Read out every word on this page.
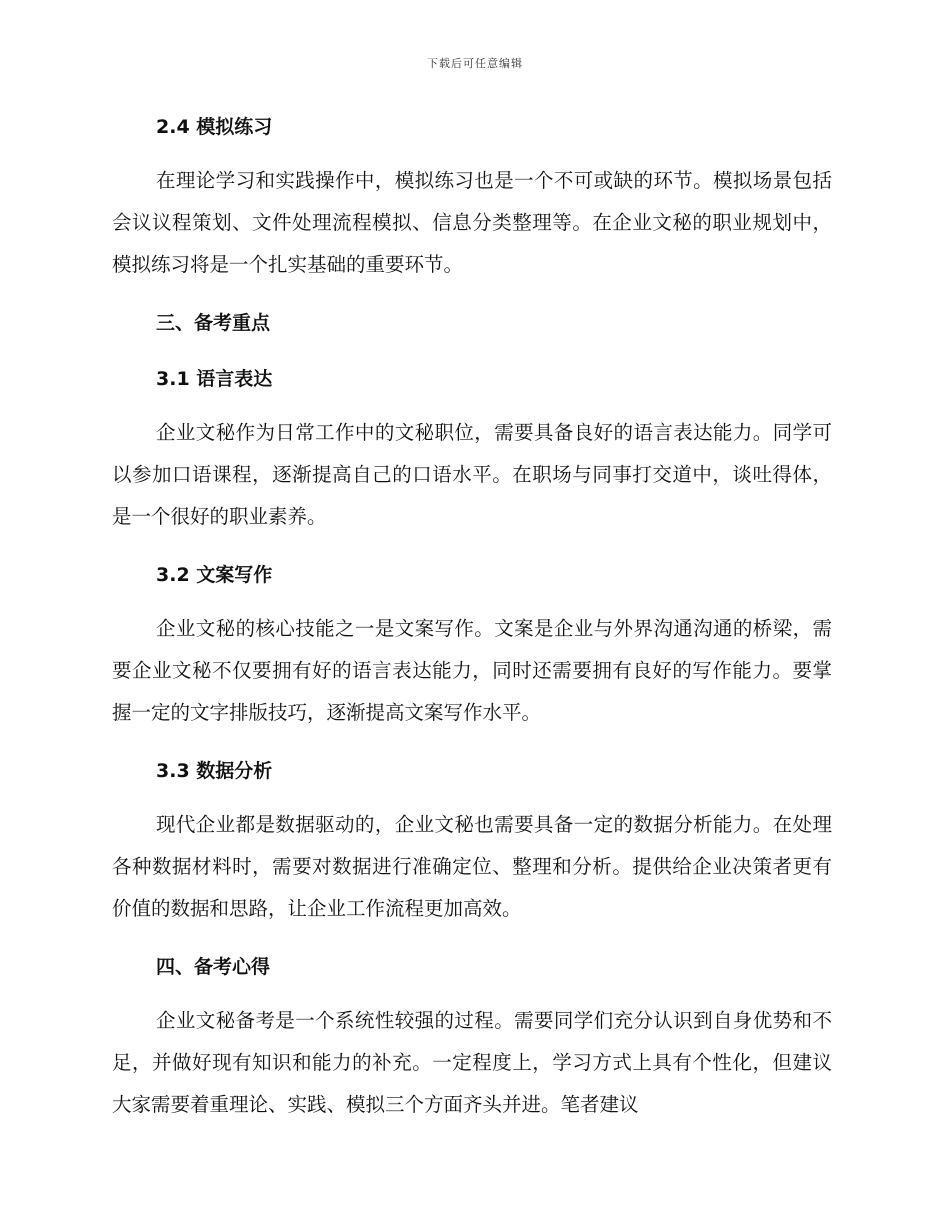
下载后可任意编辑
2.4 模拟练习

在理论学习和实践操作中，模拟练习也是一个不可或缺的环节。模拟场景包括会议议程策划、文件处理流程模拟、信息分类整理等。在企业文秘的职业规划中，模拟练习将是一个扎实基础的重要环节。

三、备考重点
3.1 语言表达

企业文秘作为日常工作中的文秘职位，需要具备良好的语言表达能力。同学可以参加口语课程，逐渐提高自己的口语水平。在职场与同事打交道中，谈吐得体，是一个很好的职业素养。

3.2 文案写作

企业文秘的核心技能之一是文案写作。文案是企业与外界沟通沟通的桥梁，需要企业文秘不仅要拥有好的语言表达能力，同时还需要拥有良好的写作能力。要掌握一定的文字排版技巧，逐渐提高文案写作水平。

3.3 数据分析

现代企业都是数据驱动的，企业文秘也需要具备一定的数据分析能力。在处理各种数据材料时，需要对数据进行准确定位、整理和分析。提供给企业决策者更有价值的数据和思路，让企业工作流程更加高效。

四、备考心得

企业文秘备考是一个系统性较强的过程。需要同学们充分认识到自身优势和不足，并做好现有知识和能力的补充。一定程度上，学习方式上具有个性化，但建议大家需要着重理论、实践、模拟三个方面齐头并进。笔者建议
